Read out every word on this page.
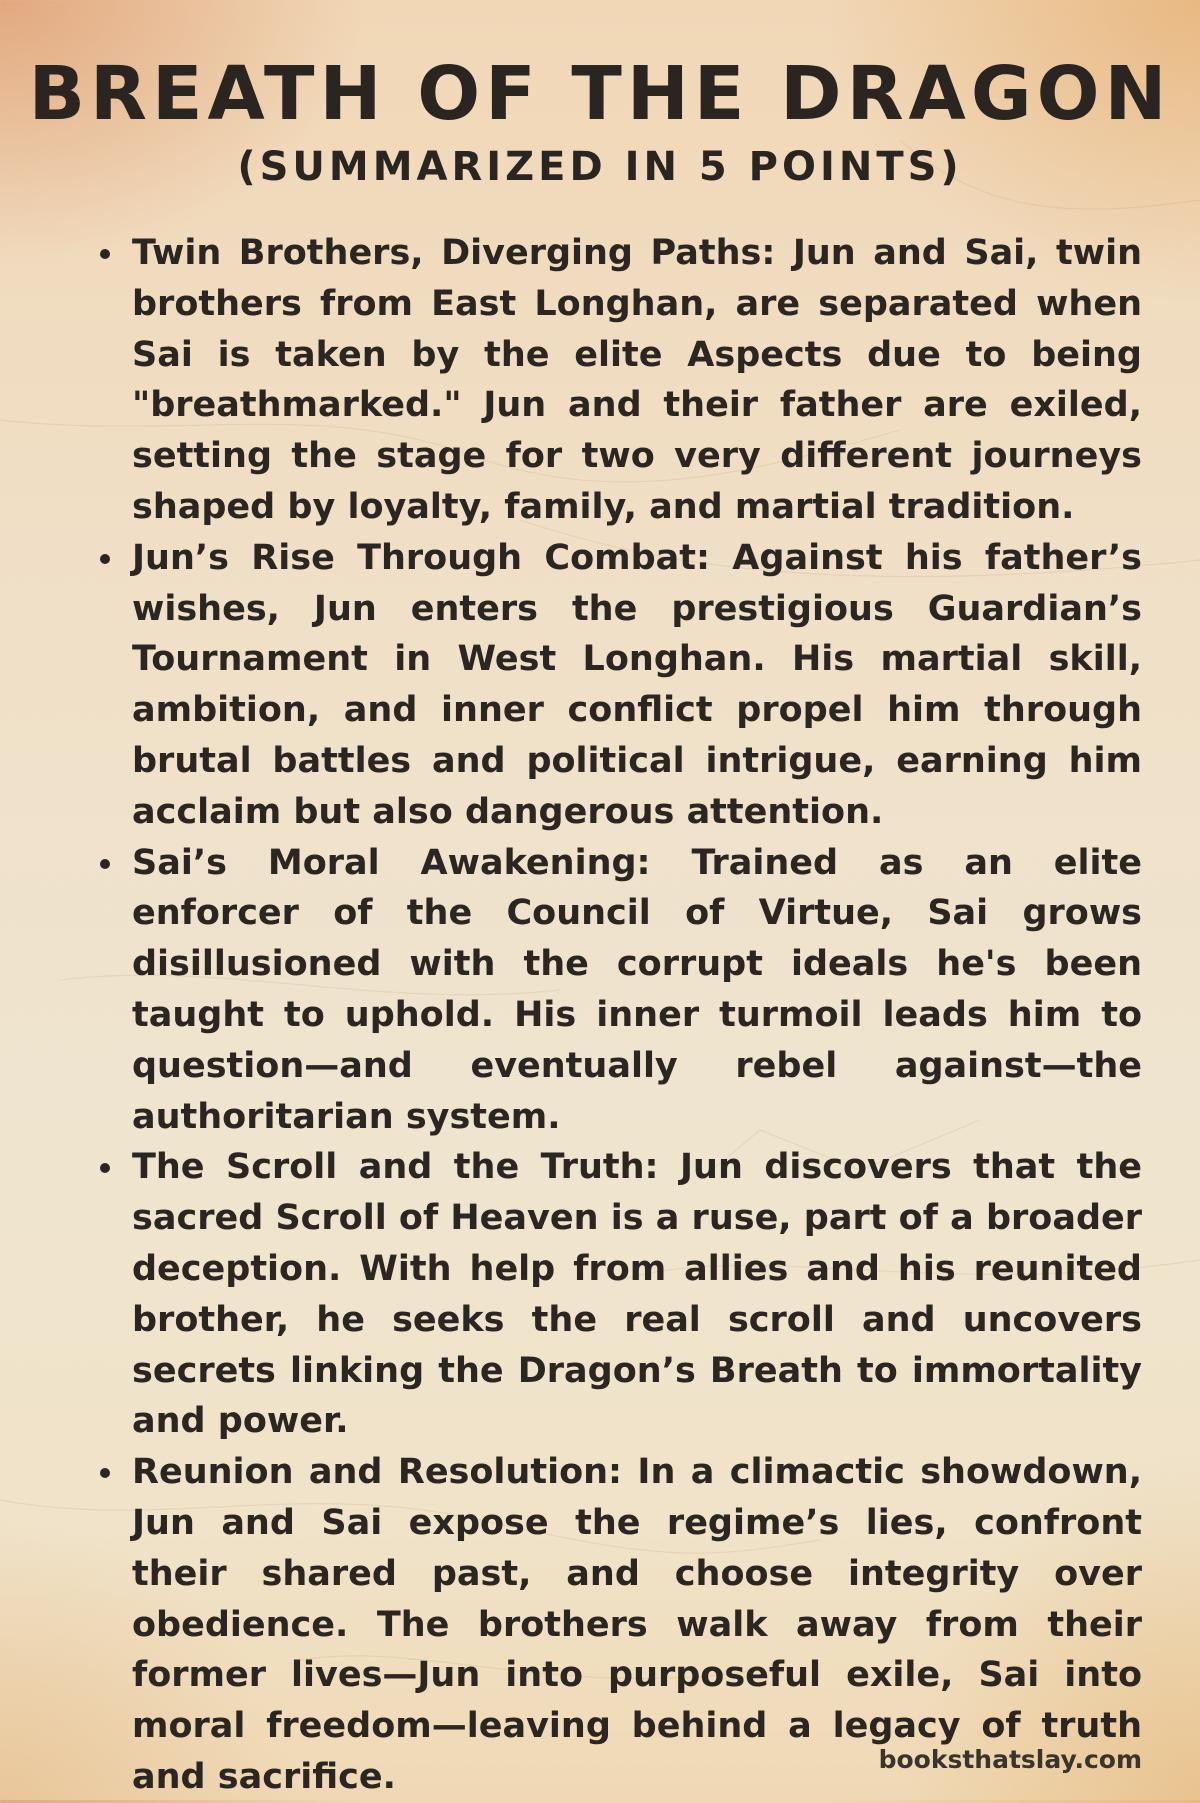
BREATH OF THE DRAGON
(SUMMARIZED IN 5 POINTS)
Twin Brothers, Diverging Paths: Jun and Sai, twin brothers from East Longhan, are separated when Sai is taken by the elite Aspects due to being "breathmarked." Jun and their father are exiled, setting the stage for two very different journeys shaped by loyalty, family, and martial tradition.
Jun’s Rise Through Combat: Against his father’s wishes, Jun enters the prestigious Guardian’s Tournament in West Longhan. His martial skill, ambition, and inner conflict propel him through brutal battles and political intrigue, earning him acclaim but also dangerous attention.
Sai’s Moral Awakening: Trained as an elite enforcer of the Council of Virtue, Sai grows disillusioned with the corrupt ideals he's been taught to uphold. His inner turmoil leads him to question—and eventually rebel against—the authoritarian system.
The Scroll and the Truth: Jun discovers that the sacred Scroll of Heaven is a ruse, part of a broader deception. With help from allies and his reunited brother, he seeks the real scroll and uncovers secrets linking the Dragon’s Breath to immortality and power.
Reunion and Resolution: In a climactic showdown, Jun and Sai expose the regime’s lies, confront their shared past, and choose integrity over obedience. The brothers walk away from their former lives—Jun into purposeful exile, Sai into moral freedom—leaving behind a legacy of truth and sacrifice.	booksthatslay.com
